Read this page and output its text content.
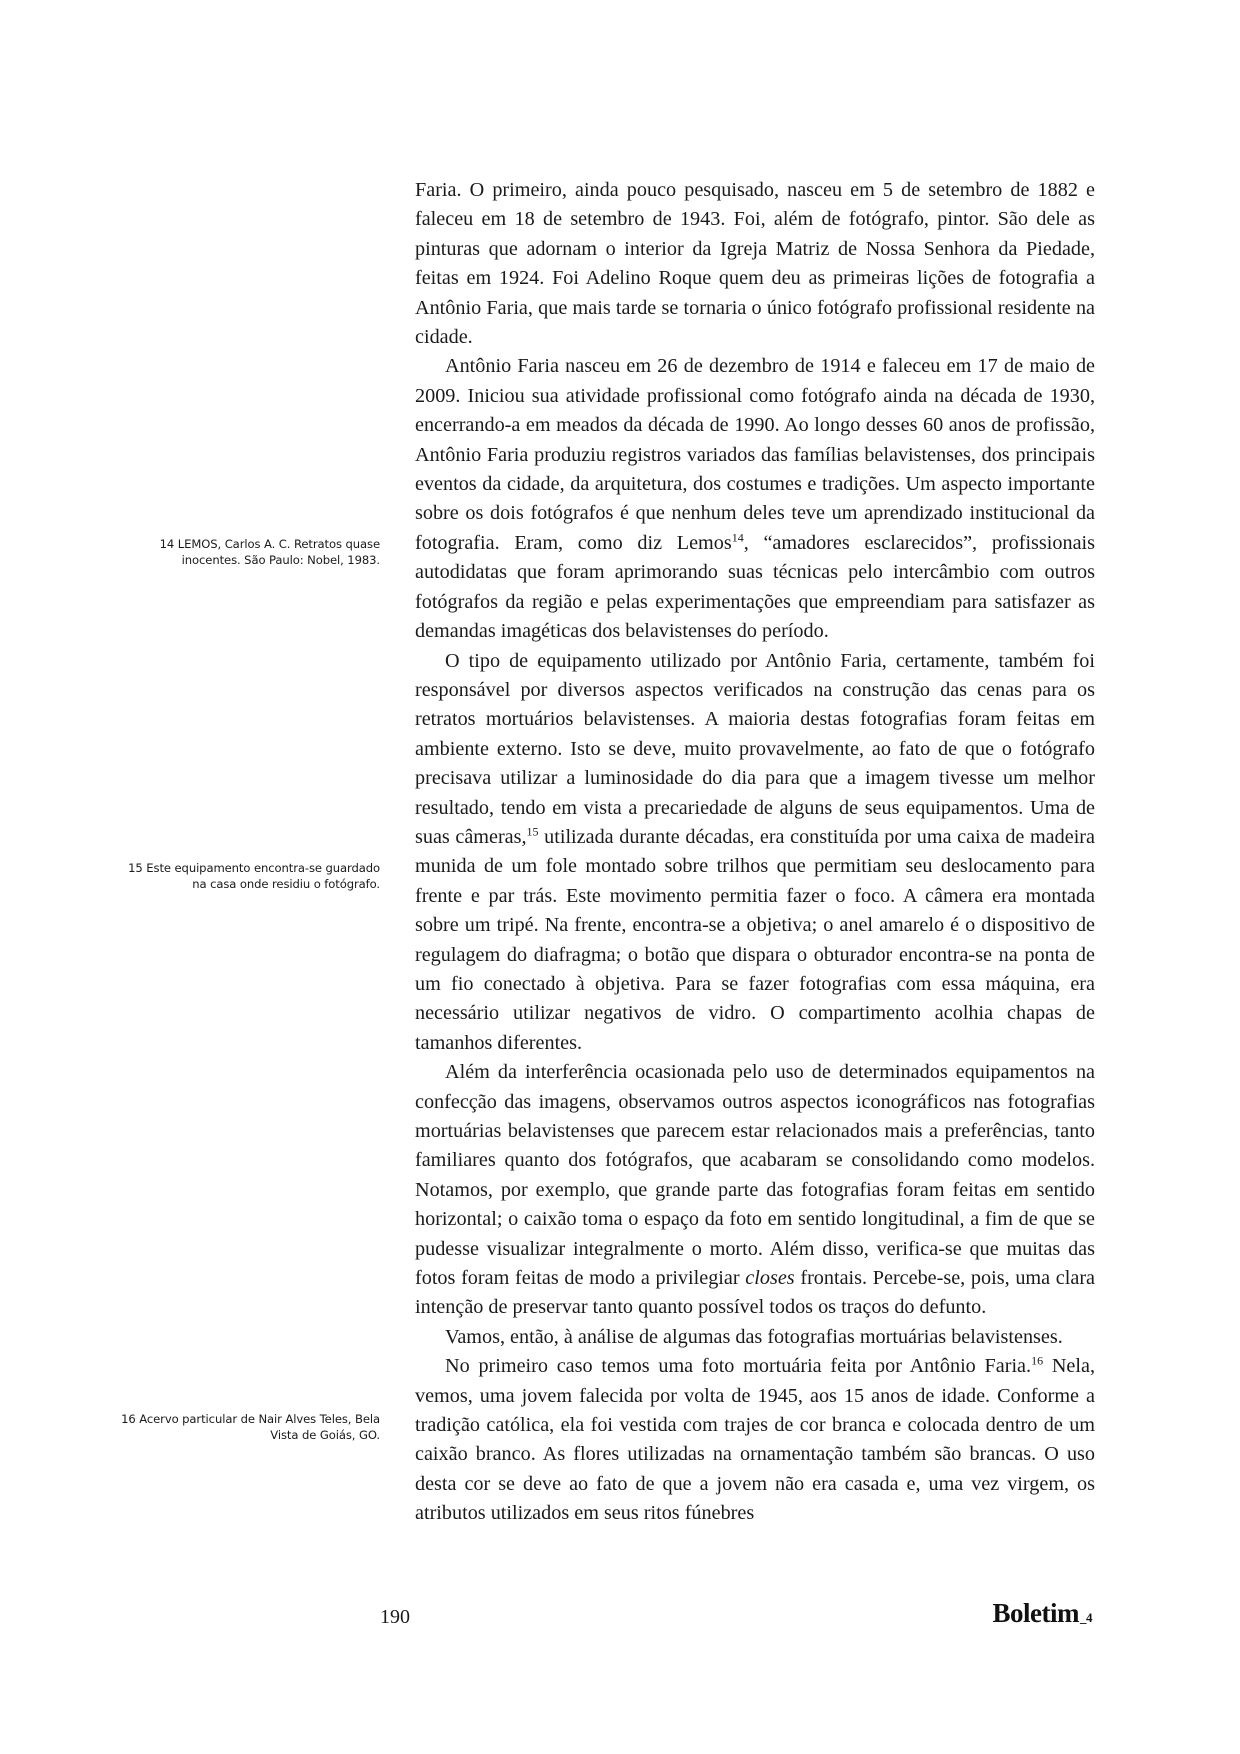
14 LEMOS, Carlos A. C. Retratos quase
inocentes. São Paulo: Nobel, 1983.
15 Este equipamento encontra-se guardado
na casa onde residiu o fotógrafo.
16 Acervo particular de Nair Alves Teles, Bela
Vista de Goiás, GO.

Faria. O primeiro, ainda pouco pesquisado, nasceu em 5 de setembro de 1882 e faleceu em 18 de setembro de 1943. Foi, além de fotógrafo, pintor. São dele as pinturas que adornam o interior da Igreja Matriz de Nossa Senhora da Piedade, feitas em 1924. Foi Adelino Roque quem deu as primeiras lições de fotografia a Antônio Faria, que mais tarde se tornaria o único fotógrafo profissional residente na cidade.

Antônio Faria nasceu em 26 de dezembro de 1914 e faleceu em 17 de maio de 2009. Iniciou sua atividade profissional como fotógrafo ainda na década de 1930, encerrando-a em meados da década de 1990. Ao longo desses 60 anos de profissão, Antônio Faria produziu registros variados das famílias belavistenses, dos principais eventos da cidade, da arquitetura, dos costumes e tradições. Um aspecto importante sobre os dois fotógrafos é que nenhum deles teve um aprendizado institucional da fotografia. Eram, como diz Lemos$^{14}$, “amadores esclarecidos”, profissionais autodidatas que foram aprimorando suas técnicas pelo intercâmbio com outros fotógrafos da região e pelas experimentações que empreendiam para satisfazer as demandas imagéticas dos belavistenses do período.

O tipo de equipamento utilizado por Antônio Faria, certamente, também foi responsável por diversos aspectos verificados na construção das cenas para os retratos mortuários belavistenses. A maioria destas fotografias foram feitas em ambiente externo. Isto se deve, muito provavelmente, ao fato de que o fotógrafo precisava utilizar a luminosidade do dia para que a imagem tivesse um melhor resultado, tendo em vista a precariedade de alguns de seus equipamentos. Uma de suas câmeras,$^{15}$ utilizada durante décadas, era constituída por uma caixa de madeira munida de um fole montado sobre trilhos que permitiam seu deslocamento para frente e par trás. Este movimento permitia fazer o foco. A câmera era montada sobre um tripé. Na frente, encontra-se a objetiva; o anel amarelo é o dispositivo de regulagem do diafragma; o botão que dispara o obturador encontra-se na ponta de um fio conectado à objetiva. Para se fazer fotografias com essa máquina, era necessário utilizar negativos de vidro. O compartimento acolhia chapas de tamanhos diferentes.

Além da interferência ocasionada pelo uso de determinados equipamentos na confecção das imagens, observamos outros aspectos iconográficos nas fotografias mortuárias belavistenses que parecem estar relacionados mais a preferências, tanto familiares quanto dos fotógrafos, que acabaram se consolidando como modelos. Notamos, por exemplo, que grande parte das fotografias foram feitas em sentido horizontal; o caixão toma o espaço da foto em sentido longitudinal, a fim de que se pudesse visualizar integralmente o morto. Além disso, verifica-se que muitas das fotos foram feitas de modo a privilegiar closes frontais. Percebe-se, pois, uma clara intenção de preservar tanto quanto possível todos os traços do defunto.

Vamos, então, à análise de algumas das fotografias mortuárias belavistenses.

No primeiro caso temos uma foto mortuária feita por Antônio Faria.$^{16}$ Nela, vemos, uma jovem falecida por volta de 1945, aos 15 anos de idade. Conforme a tradição católica, ela foi vestida com trajes de cor branca e colocada dentro de um caixão branco. As flores utilizadas na ornamentação também são brancas. O uso desta cor se deve ao fato de que a jovem não era casada e, uma vez virgem, os atributos utilizados em seus ritos fúnebres

190	Boletim_4
